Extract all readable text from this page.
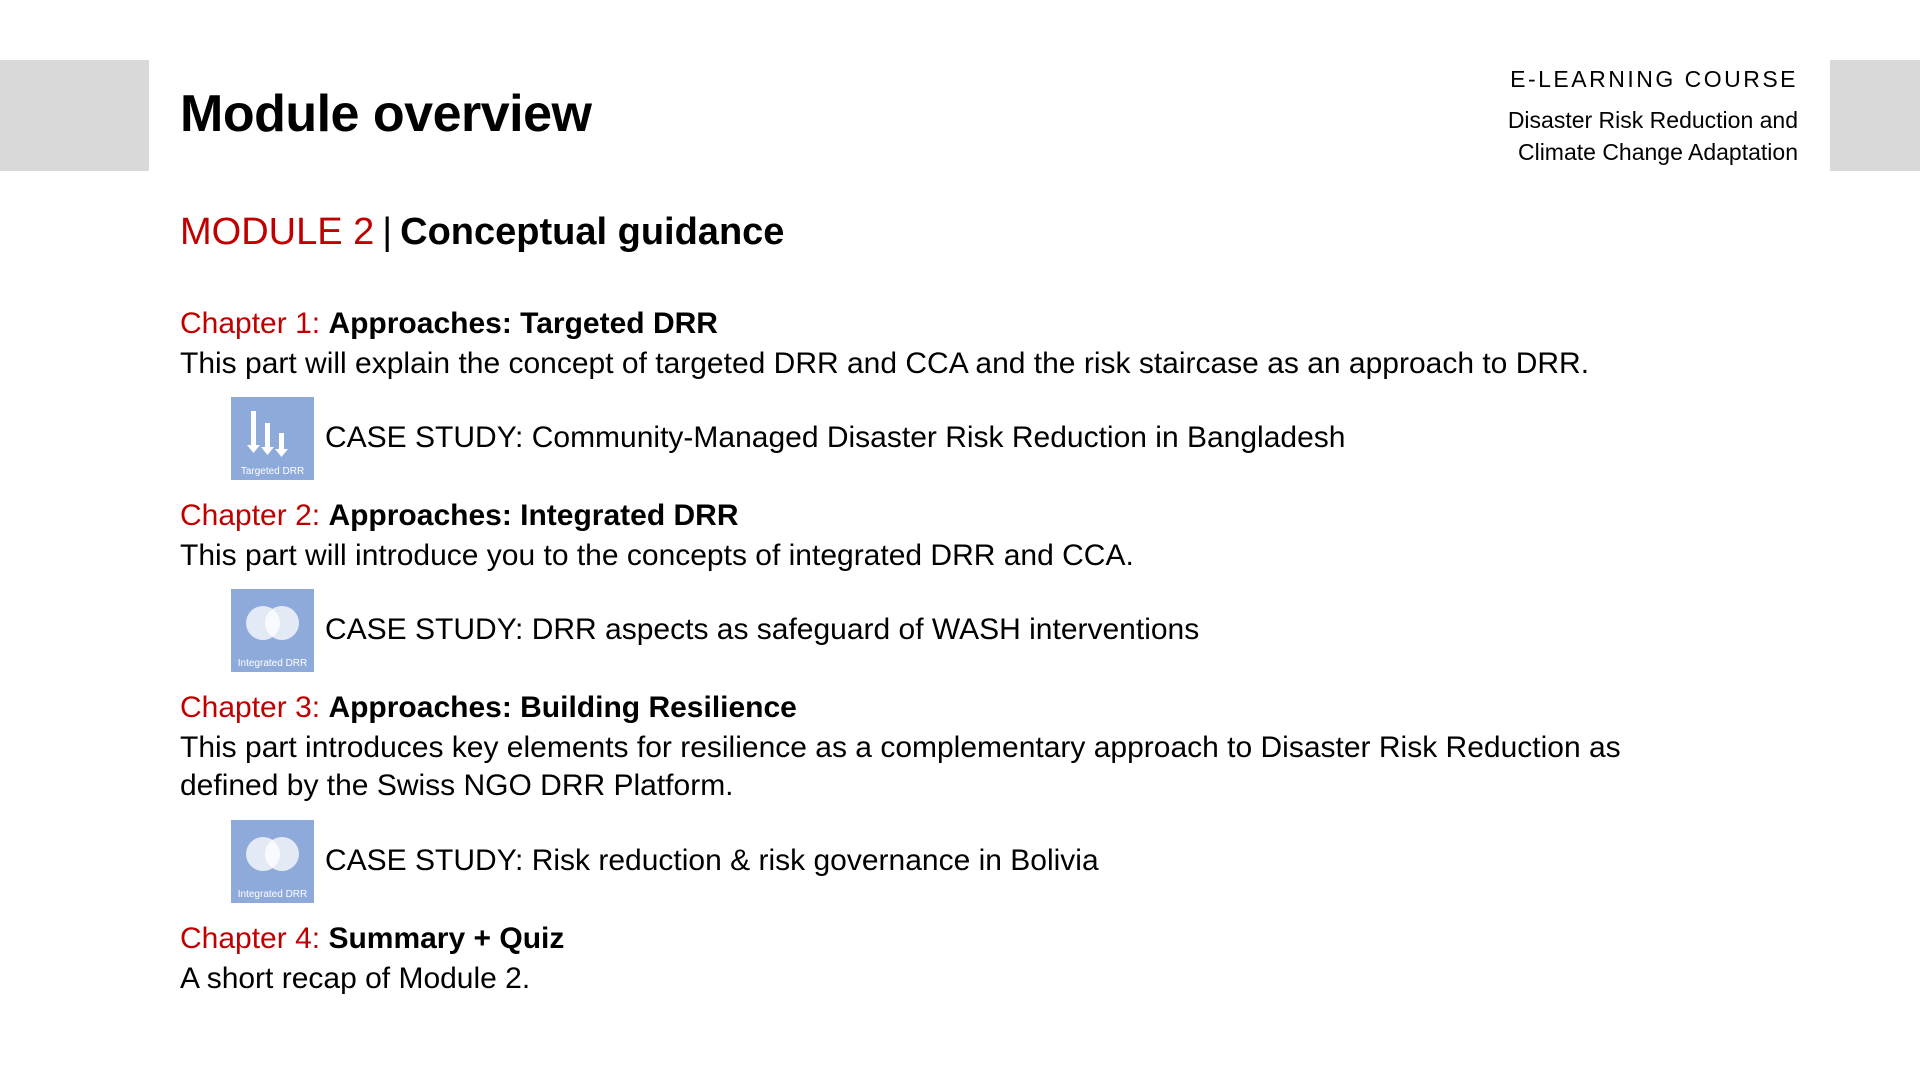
Module overview
E-LEARNING COURSE
Disaster Risk Reduction and
Climate Change Adaptation
MODULE 2 | Conceptual guidance
Chapter 1: Approaches: Targeted DRR
This part will explain the concept of targeted DRR and CCA and the risk staircase as an approach to DRR.
Targeted DRR
CASE STUDY: Community-Managed Disaster Risk Reduction in Bangladesh
Chapter 2: Approaches: Integrated DRR
This part will introduce you to the concepts of integrated DRR and CCA.
Integrated DRR
CASE STUDY: DRR aspects as safeguard of WASH interventions
Chapter 3: Approaches: Building Resilience
This part introduces key elements for resilience as a complementary approach to Disaster Risk Reduction as defined by the Swiss NGO DRR Platform.
Integrated DRR
CASE STUDY: Risk reduction & risk governance in Bolivia
Chapter 4: Summary + Quiz
A short recap of Module 2.
